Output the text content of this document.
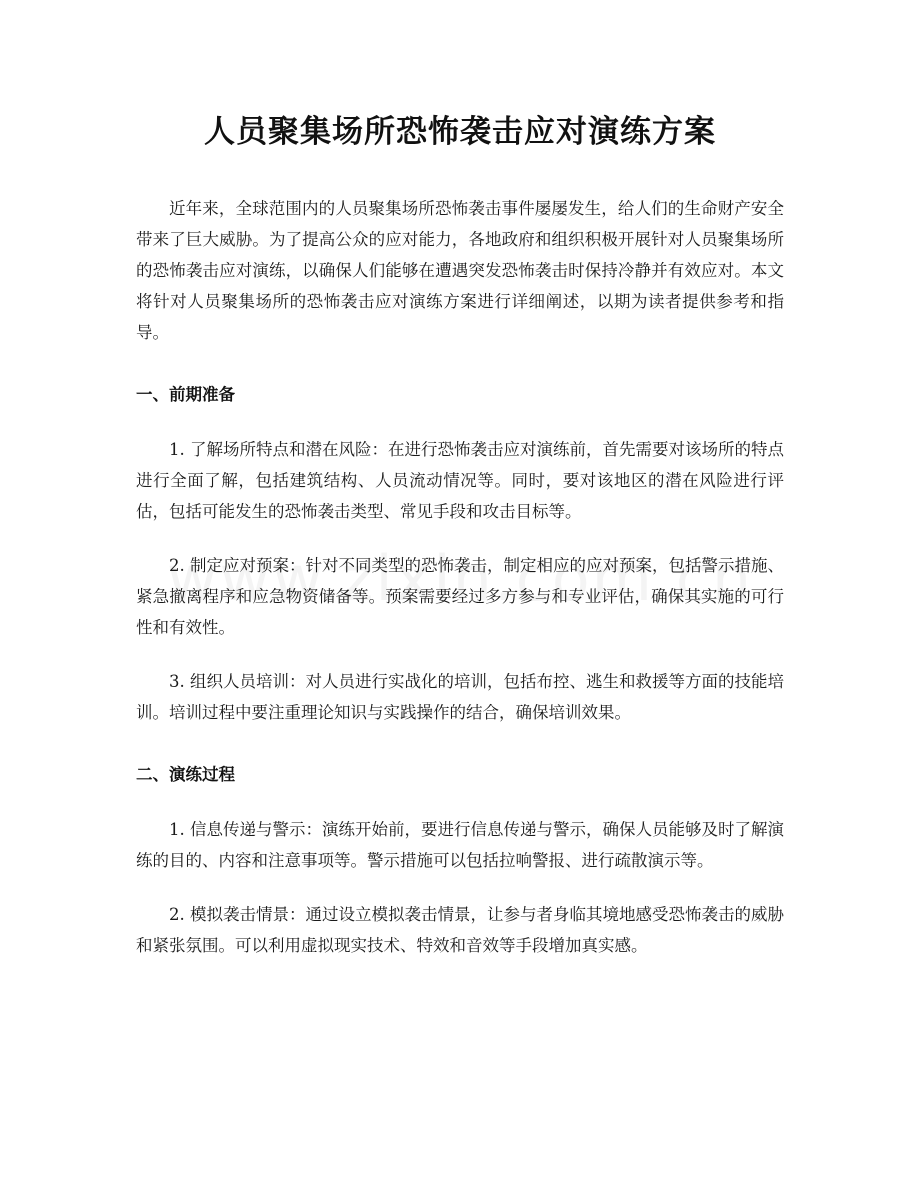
人员聚集场所恐怖袭击应对演练方案

近年来，全球范围内的人员聚集场所恐怖袭击事件屡屡发生，给人们的生命财产安全带来了巨大威胁。为了提高公众的应对能力，各地政府和组织积极开展针对人员聚集场所的恐怖袭击应对演练，以确保人们能够在遭遇突发恐怖袭击时保持冷静并有效应对。本文将针对人员聚集场所的恐怖袭击应对演练方案进行详细阐述，以期为读者提供参考和指导。

一、前期准备

1. 了解场所特点和潜在风险：在进行恐怖袭击应对演练前，首先需要对该场所的特点进行全面了解，包括建筑结构、人员流动情况等。同时，要对该地区的潜在风险进行评估，包括可能发生的恐怖袭击类型、常见手段和攻击目标等。

2. 制定应对预案：针对不同类型的恐怖袭击，制定相应的应对预案，包括警示措施、紧急撤离程序和应急物资储备等。预案需要经过多方参与和专业评估，确保其实施的可行性和有效性。

3. 组织人员培训：对人员进行实战化的培训，包括布控、逃生和救援等方面的技能培训。培训过程中要注重理论知识与实践操作的结合，确保培训效果。

二、演练过程

1. 信息传递与警示：演练开始前，要进行信息传递与警示，确保人员能够及时了解演练的目的、内容和注意事项等。警示措施可以包括拉响警报、进行疏散演示等。

2. 模拟袭击情景：通过设立模拟袭击情景，让参与者身临其境地感受恐怖袭击的威胁和紧张氛围。可以利用虚拟现实技术、特效和音效等手段增加真实感。
